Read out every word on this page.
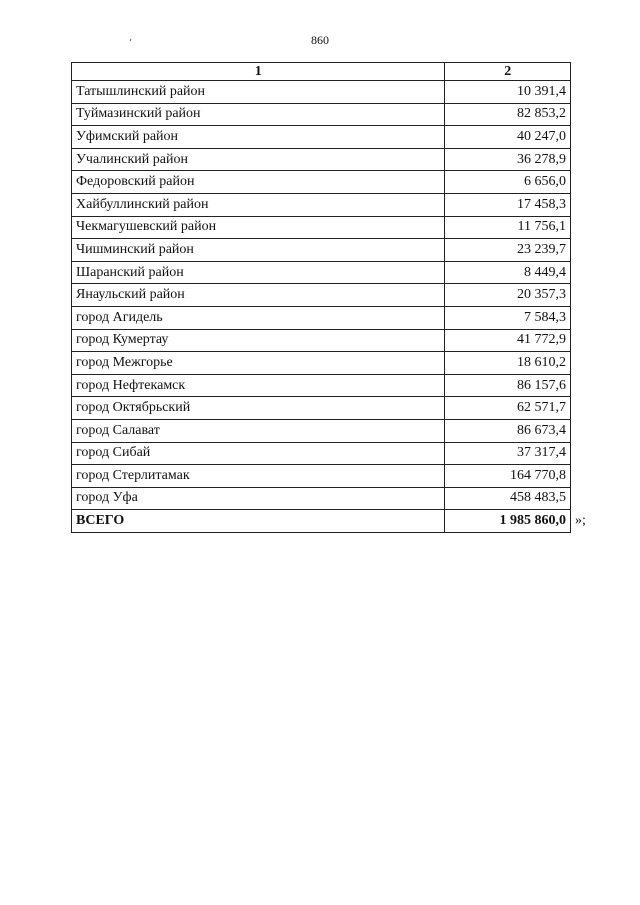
860
1	2
Татышлинский район	10 391,4
Туймазинский район	82 853,2
Уфимский район	40 247,0
Учалинский район	36 278,9
Федоровский район	6 656,0
Хайбуллинский район	17 458,3
Чекмагушевский район	11 756,1
Чишминский район	23 239,7
Шаранский район	8 449,4
Янаульский район	20 357,3
город Агидель	7 584,3
город Кумертау	41 772,9
город Межгорье	18 610,2
город Нефтекамск	86 157,6
город Октябрьский	62 571,7
город Салават	86 673,4
город Сибай	37 317,4
город Стерлитамак	164 770,8
город Уфа	458 483,5
ВСЕГО	1 985 860,0 »;
